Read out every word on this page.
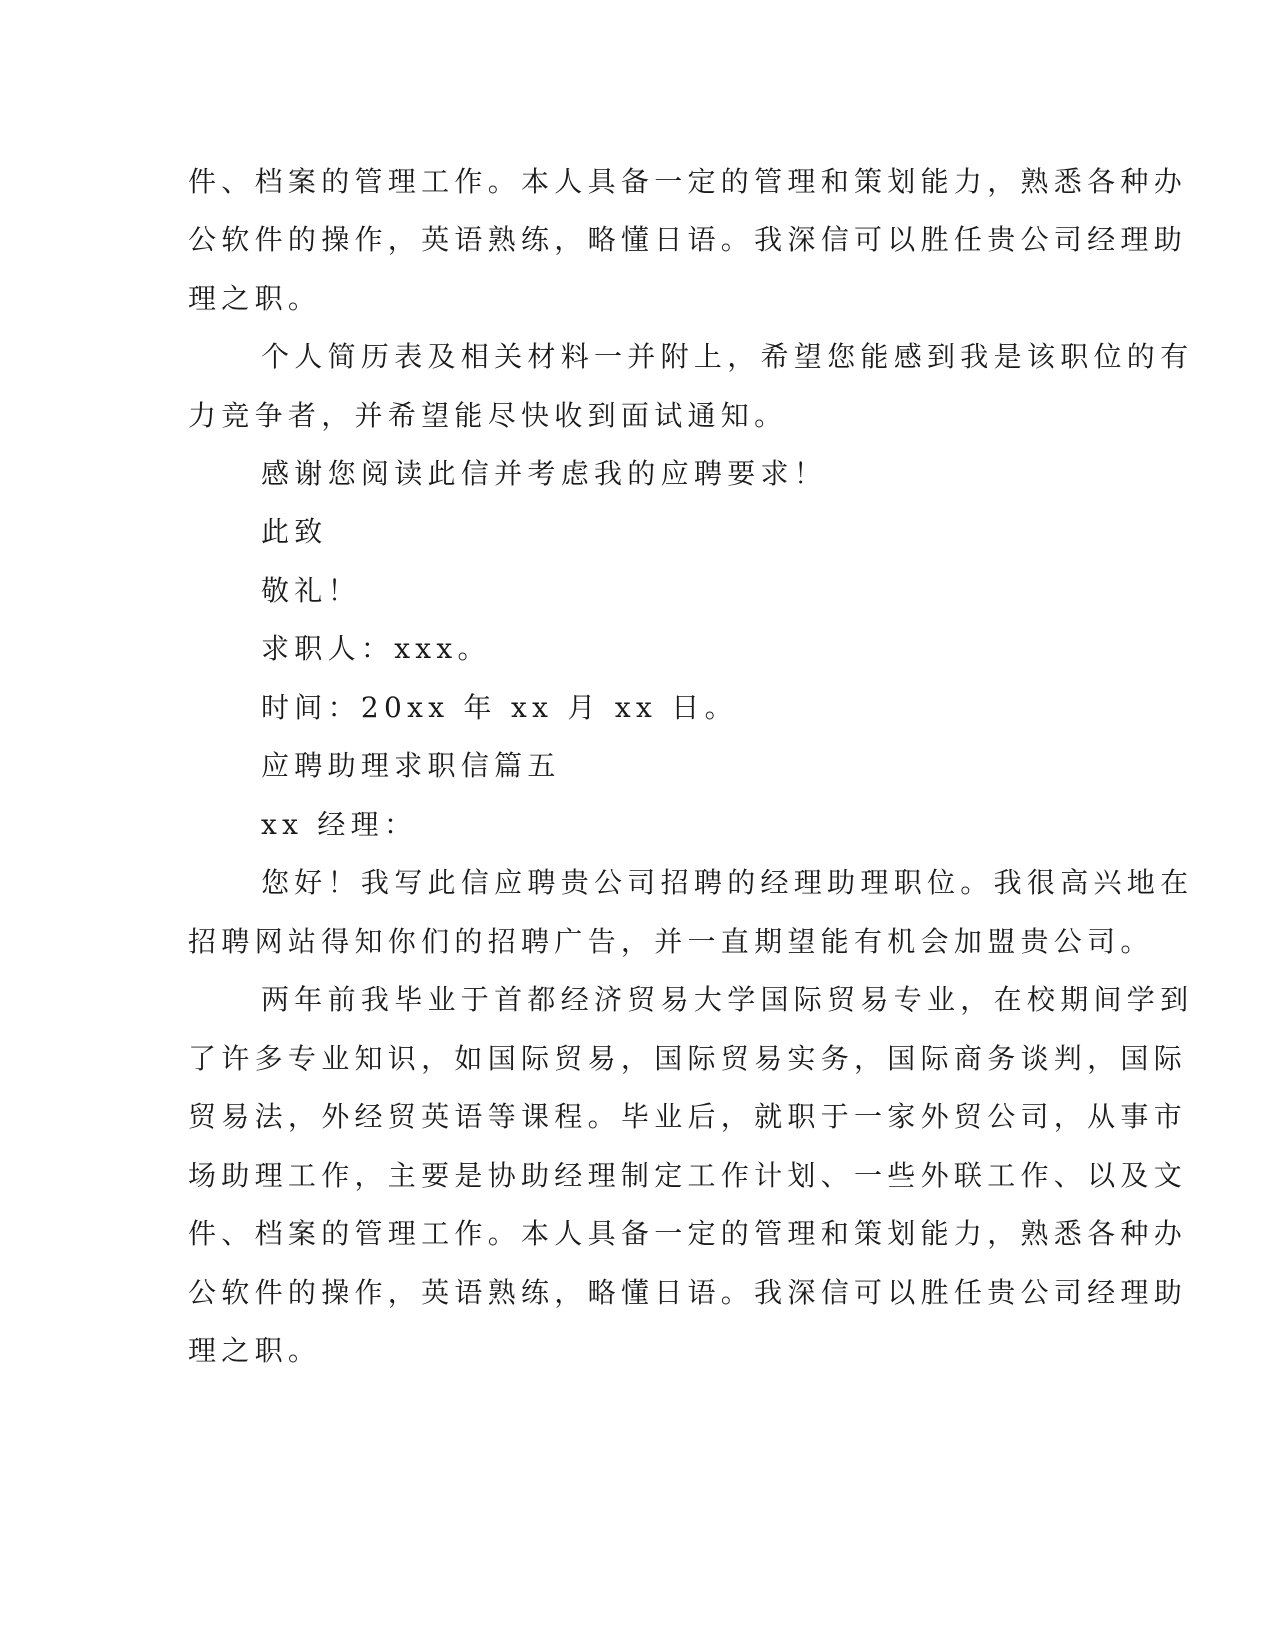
件、档案的管理工作。本人具备一定的管理和策划能力，熟悉各种办

公软件的操作，英语熟练，略懂日语。我深信可以胜任贵公司经理助

理之职。

个人简历表及相关材料一并附上，希望您能感到我是该职位的有

力竞争者，并希望能尽快收到面试通知。

感谢您阅读此信并考虑我的应聘要求！

此致

敬礼！

求职人：xxx。

时间：20xx 年 xx 月 xx 日。

应聘助理求职信篇五

xx 经理：

您好！我写此信应聘贵公司招聘的经理助理职位。我很高兴地在

招聘网站得知你们的招聘广告，并一直期望能有机会加盟贵公司。

两年前我毕业于首都经济贸易大学国际贸易专业，在校期间学到

了许多专业知识，如国际贸易，国际贸易实务，国际商务谈判，国际

贸易法，外经贸英语等课程。毕业后，就职于一家外贸公司，从事市

场助理工作，主要是协助经理制定工作计划、一些外联工作、以及文

件、档案的管理工作。本人具备一定的管理和策划能力，熟悉各种办

公软件的操作，英语熟练，略懂日语。我深信可以胜任贵公司经理助

理之职。
